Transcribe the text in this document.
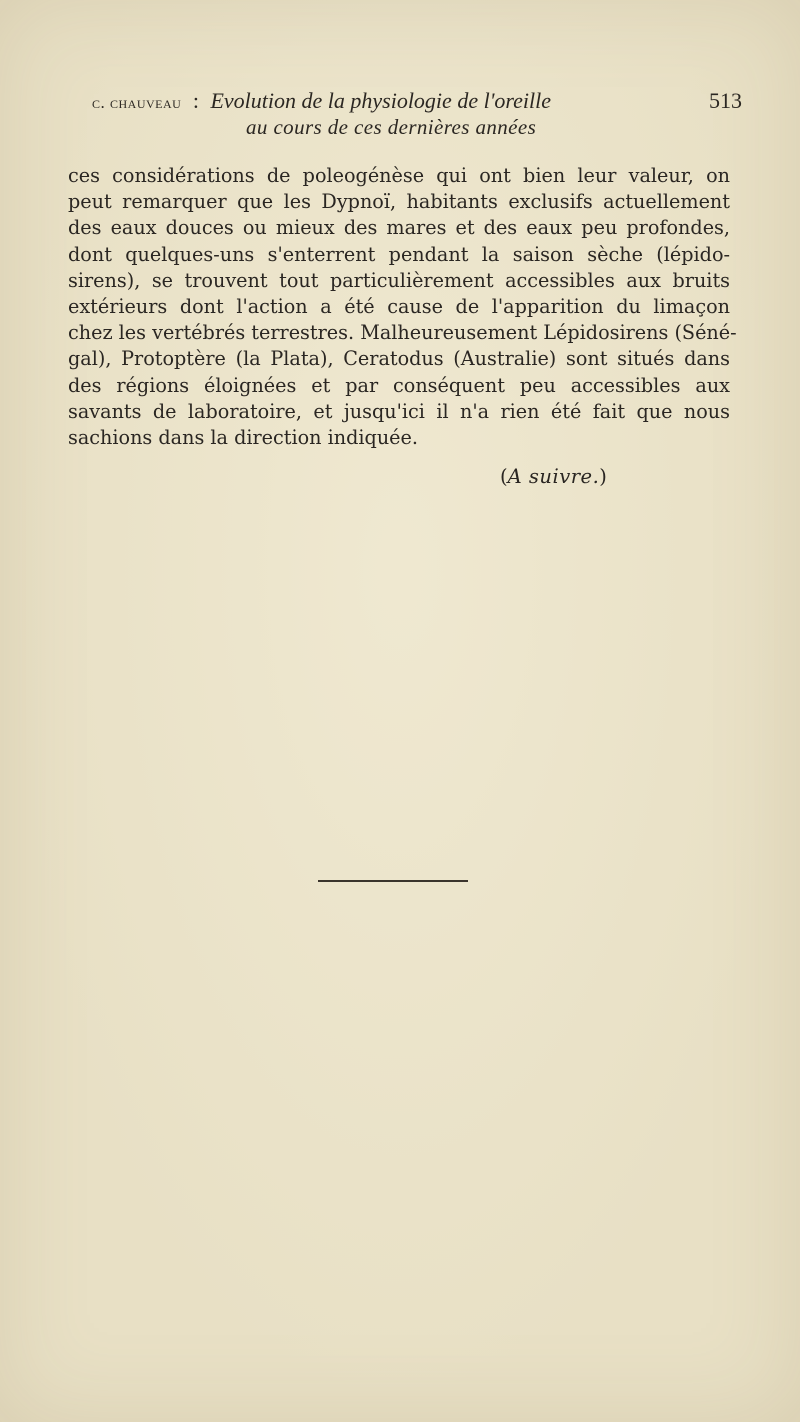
c. chauveau : Evolution de la physiologie de l'oreille	513
au cours de ces dernières années
ces considérations de poleogénèse qui ont bien leur valeur, on
peut remarquer que les Dypnoï, habitants exclusifs actuellement
des eaux douces ou mieux des mares et des eaux peu profondes,
dont quelques-uns s'enterrent pendant la saison sèche (lépido-
sirens), se trouvent tout particulièrement accessibles aux bruits
extérieurs dont l'action a été cause de l'apparition du limaçon
chez les vertébrés terrestres. Malheureusement Lépidosirens (Séné-
gal), Protoptère (la Plata), Ceratodus (Australie) sont situés dans
des régions éloignées et par conséquent peu accessibles aux
savants de laboratoire, et jusqu'ici il n'a rien été fait que nous
sachions dans la direction indiquée.
(A suivre.)
